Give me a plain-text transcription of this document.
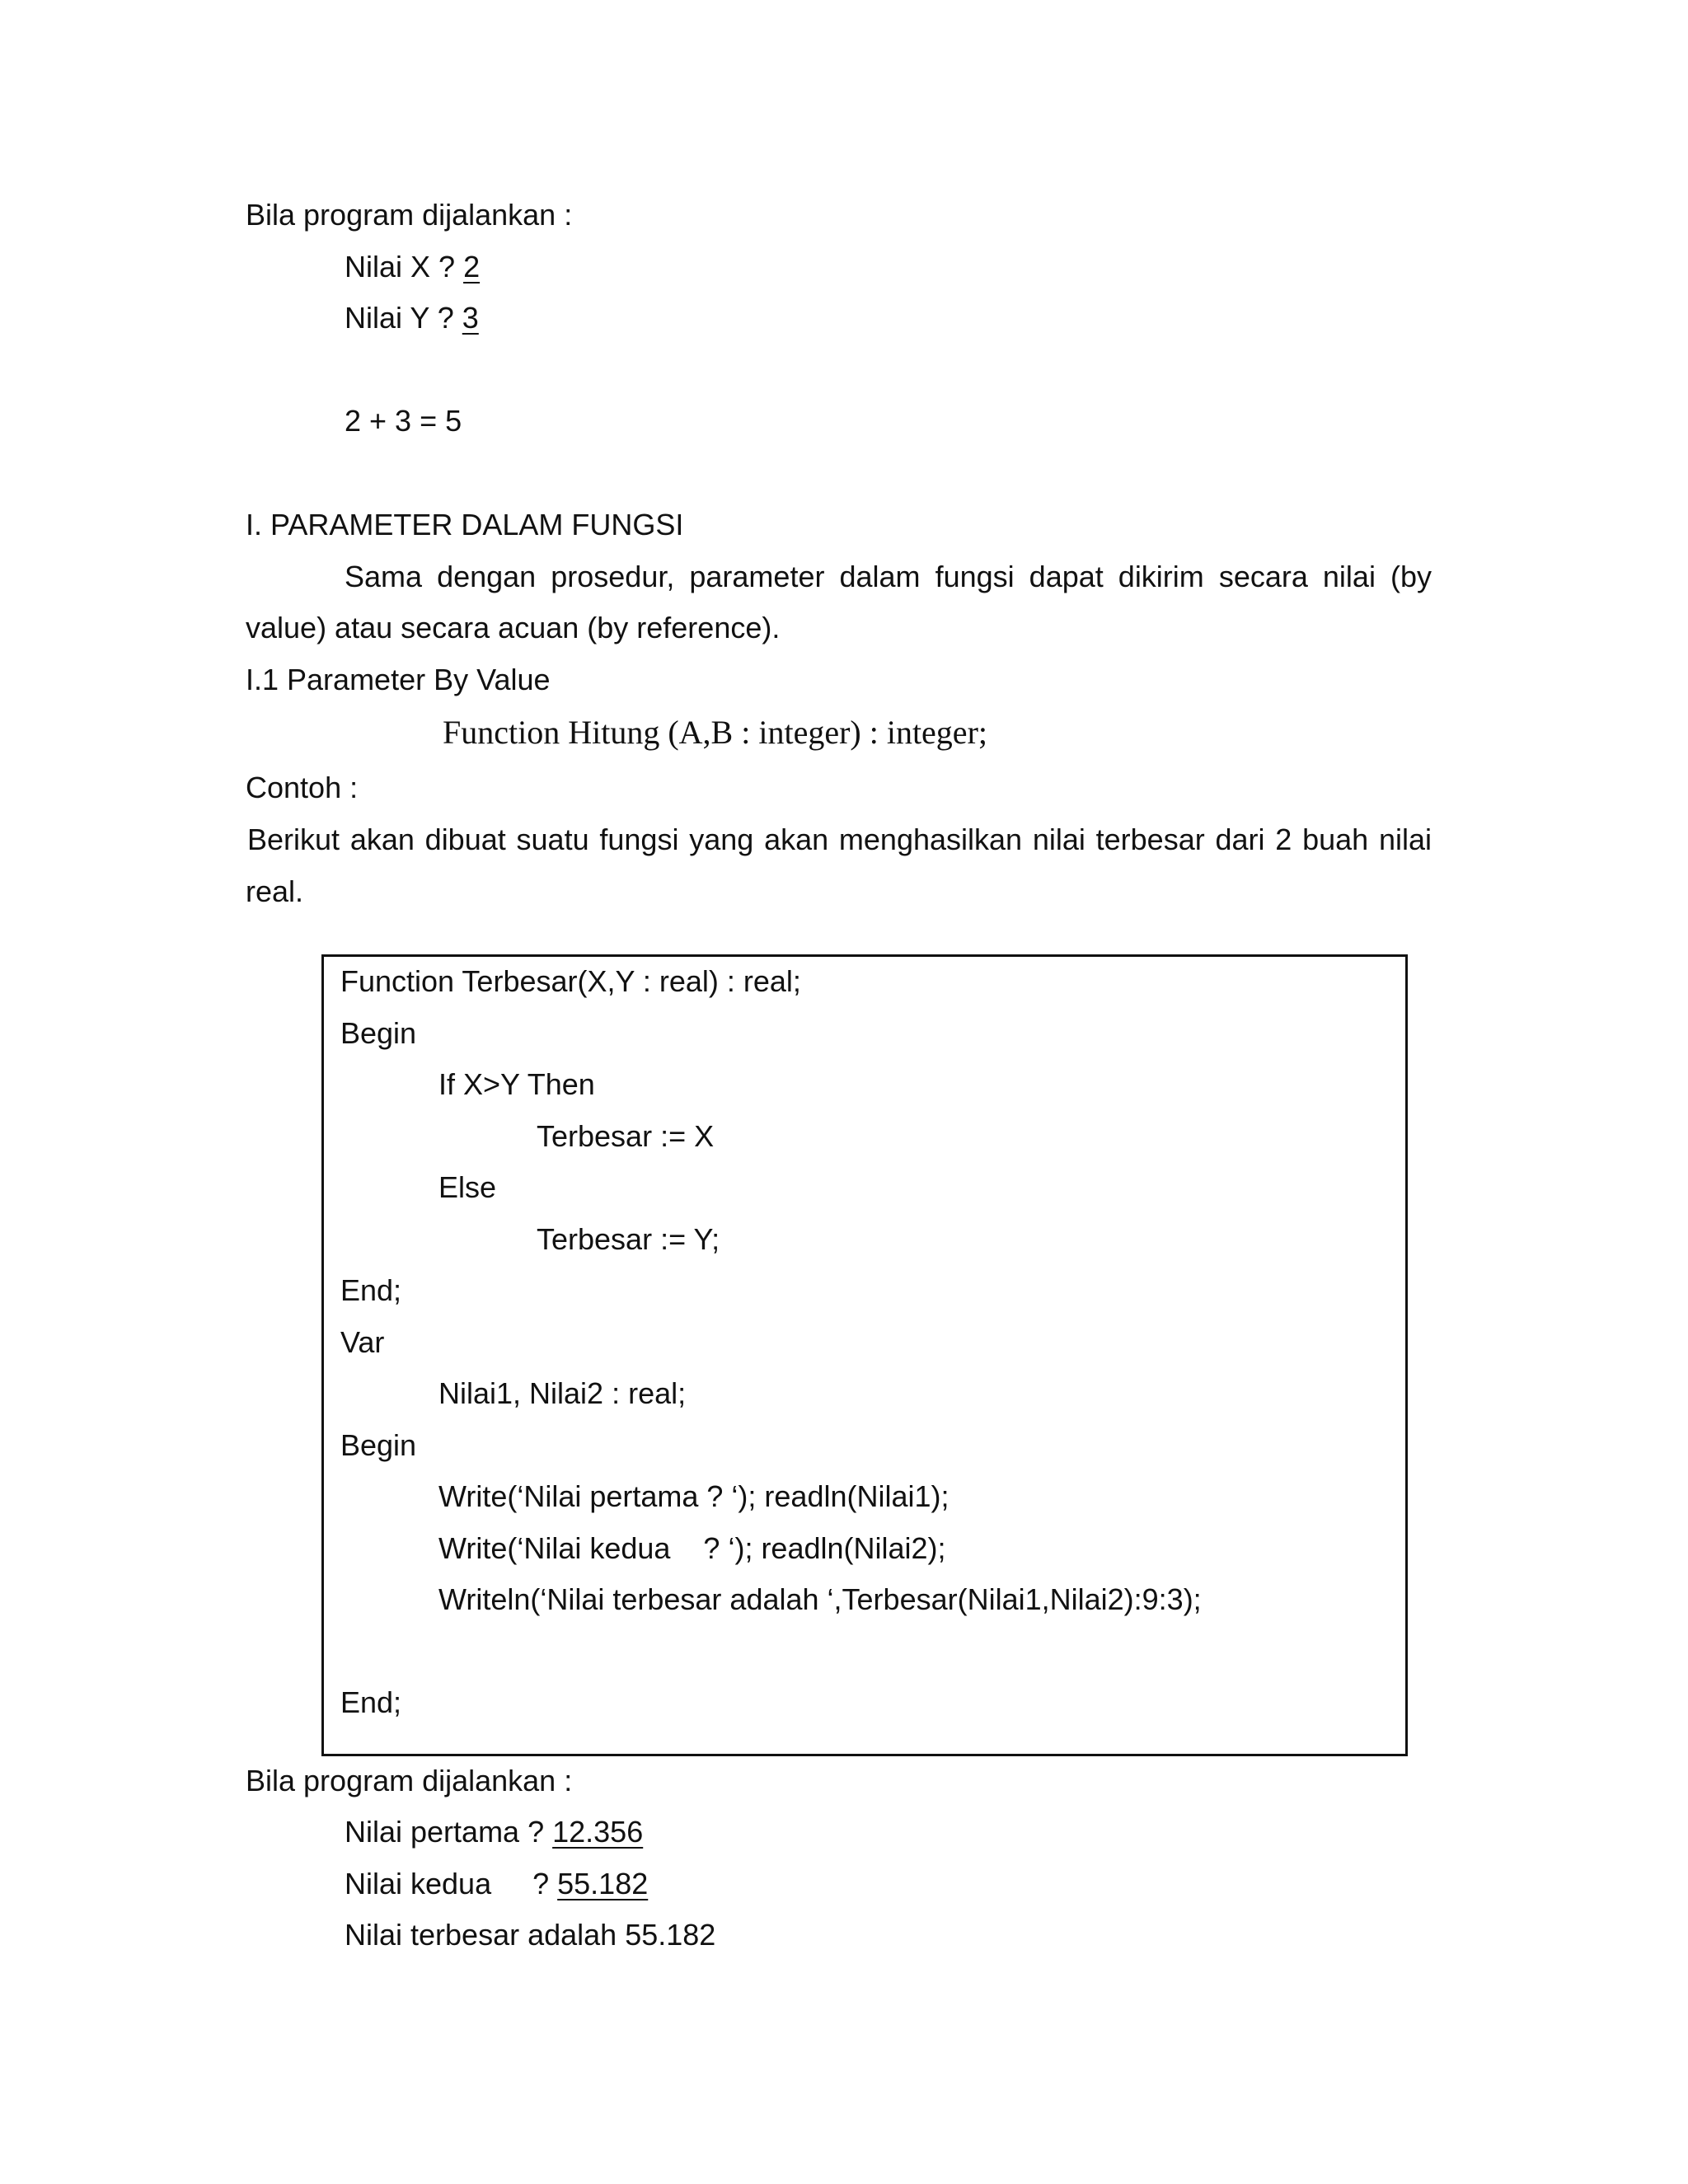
Bila program dijalankan :
Nilai X ? 2
Nilai Y ? 3
2 + 3 = 5
I. PARAMETER DALAM FUNGSI
Sama dengan prosedur, parameter dalam fungsi dapat dikirim secara nilai (by
value) atau secara acuan (by reference).
I.1 Parameter By Value
Function Hitung (A,B : integer) : integer;
Contoh :
Berikut akan dibuat suatu fungsi yang akan menghasilkan nilai terbesar dari 2 buah nilai
real.
Function Terbesar(X,Y : real) : real;
Begin
If X>Y Then
Terbesar := X
Else
Terbesar := Y;
End;
Var
Nilai1, Nilai2 : real;
Begin
Write(‘Nilai pertama ? ‘); readln(Nilai1);
Write(‘Nilai kedua    ? ‘); readln(Nilai2);
Writeln(‘Nilai terbesar adalah ‘,Terbesar(Nilai1,Nilai2):9:3);
End;
Bila program dijalankan :
Nilai pertama ? 12.356
Nilai kedua     ? 55.182
Nilai terbesar adalah 55.182
